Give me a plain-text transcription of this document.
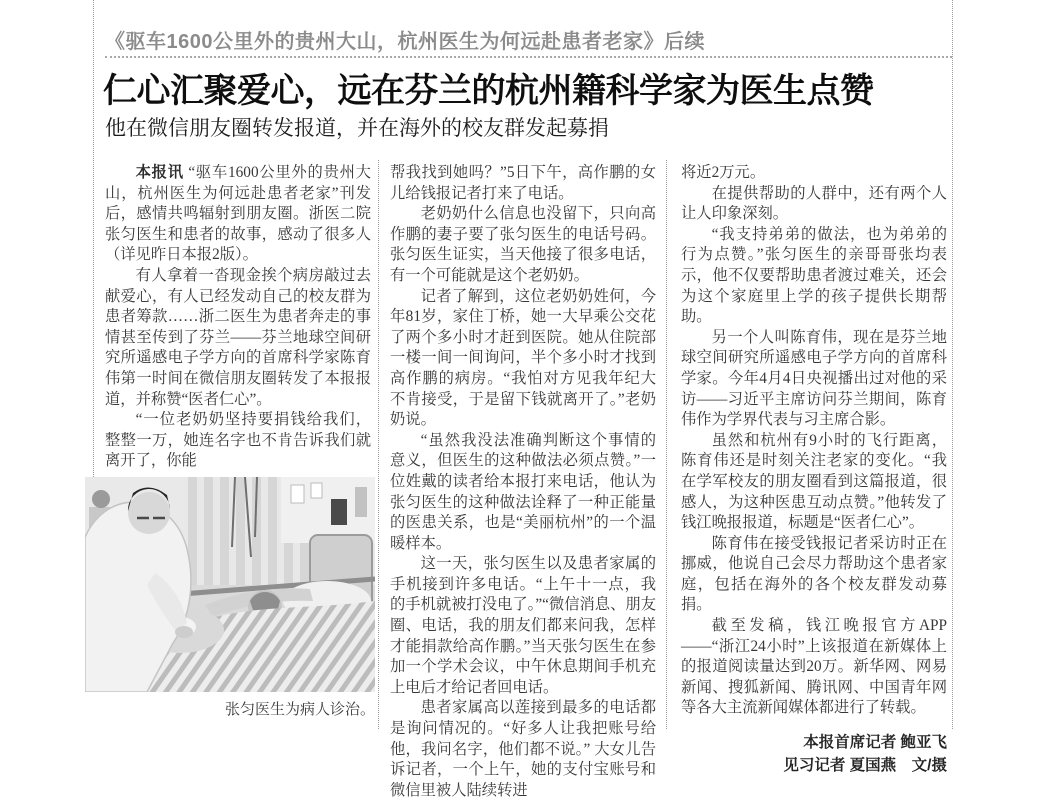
《驱车1600公里外的贵州大山，杭州医生为何远赴患者老家》后续
仁心汇聚爱心，远在芬兰的杭州籍科学家为医生点赞
他在微信朋友圈转发报道，并在海外的校友群发起募捐

本报讯 “驱车1600公里外的贵州大山，杭州医生为何远赴患者老家”刊发后，感情共鸣辐射到朋友圈。浙医二院张匀医生和患者的故事，感动了很多人（详见昨日本报2版）。

有人拿着一沓现金挨个病房敲过去献爱心，有人已经发动自己的校友群为患者筹款……浙二医生为患者奔走的事情甚至传到了芬兰——芬兰地球空间研究所遥感电子学方向的首席科学家陈育伟第一时间在微信朋友圈转发了本报报道，并称赞“医者仁心”。

“一位老奶奶坚持要捐钱给我们，整整一万，她连名字也不肯告诉我们就离开了，你能

帮我找到她吗？”5日下午，高作鹏的女儿给钱报记者打来了电话。

老奶奶什么信息也没留下，只向高作鹏的妻子要了张匀医生的电话号码。张匀医生证实，当天他接了很多电话，有一个可能就是这个老奶奶。

记者了解到，这位老奶奶姓何，今年81岁，家住丁桥，她一大早乘公交花了两个多小时才赶到医院。她从住院部一楼一间一间询问，半个多小时才找到高作鹏的病房。“我怕对方见我年纪大不肯接受，于是留下钱就离开了。”老奶奶说。

“虽然我没法准确判断这个事情的意义，但医生的这种做法必须点赞。”一位姓戴的读者给本报打来电话，他认为张匀医生的这种做法诠释了一种正能量的医患关系，也是“美丽杭州”的一个温暖样本。

这一天，张匀医生以及患者家属的手机接到许多电话。“上午十一点，我的手机就被打没电了。”“微信消息、朋友圈、电话，我的朋友们都来问我，怎样才能捐款给高作鹏。”当天张匀医生在参加一个学术会议，中午休息期间手机充上电后才给记者回电话。

患者家属高以莲接到最多的电话都是询问情况的。“好多人让我把账号给他，我问名字，他们都不说。” 大女儿告诉记者，一个上午，她的支付宝账号和微信里被人陆续转进

将近2万元。

在提供帮助的人群中，还有两个人让人印象深刻。

“我支持弟弟的做法，也为弟弟的行为点赞。”张匀医生的亲哥哥张均表示，他不仅要帮助患者渡过难关，还会为这个家庭里上学的孩子提供长期帮助。

另一个人叫陈育伟，现在是芬兰地球空间研究所遥感电子学方向的首席科学家。今年4月4日央视播出过对他的采访——习近平主席访问芬兰期间，陈育伟作为学界代表与习主席合影。

虽然和杭州有9小时的飞行距离，陈育伟还是时刻关注老家的变化。“我在学军校友的朋友圈看到这篇报道，很感人，为这种医患互动点赞。”他转发了钱江晚报报道，标题是“医者仁心”。

陈育伟在接受钱报记者采访时正在挪威，他说自己会尽力帮助这个患者家庭，包括在海外的各个校友群发动募捐。

截至发稿，钱江晚报官方APP——“浙江24小时”上该报道在新媒体上的报道阅读量达到20万。新华网、网易新闻、搜狐新闻、腾讯网、中国青年网等各大主流新闻媒体都进行了转载。

本报首席记者 鲍亚飞
见习记者 夏国燕　文/摄
张匀医生为病人诊治。
